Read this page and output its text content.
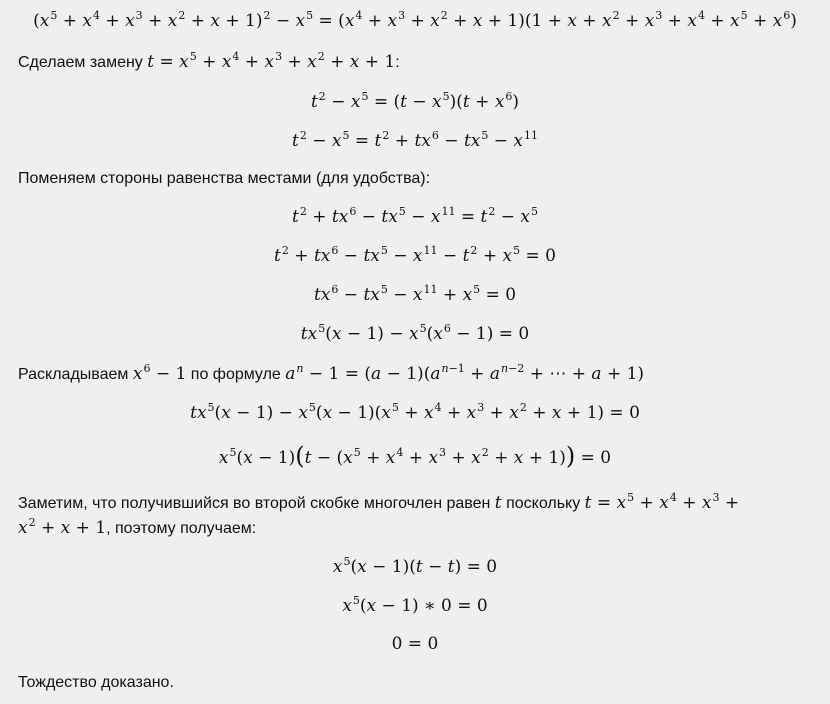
$(x^5 + x^4 + x^3 + x^2 + x + 1)^2 - x^5 = (x^4 + x^3 + x^2 + x + 1)(1 + x + x^2 + x^3 + x^4 + x^5 + x^6)$
Сделаем замену $t = x^5 + x^4 + x^3 + x^2 + x + 1$:
$t^2 - x^5 = (t - x^5)(t + x^6)$
$t^2 - x^5 = t^2 + tx^6 - tx^5 - x^{11}$
Поменяем стороны равенства местами (для удобства):
$t^2 + tx^6 - tx^5 - x^{11} = t^2 - x^5$
$t^2 + tx^6 - tx^5 - x^{11} - t^2 + x^5 = 0$
$tx^6 - tx^5 - x^{11} + x^5 = 0$
$tx^5(x - 1) - x^5(x^6 - 1) = 0$
Раскладываем $x^6 - 1$ по формуле $a^n - 1 = (a - 1)(a^{n-1} + a^{n-2}$ + ⋯ + a + 1)
$tx^5(x - 1) - x^5(x - 1)(x^5 + x^4 + x^3 + x^2 + x + 1) = 0$
$x^5(x - 1)(t - (x^5 + x^4 + x^3 + x^2 + x + 1)) = 0$
Заметим, что получившийся во второй скобке многочлен равен t поскольку $t = x^5 + x^4 + x^3$ +
$x^2 + x + 1$, поэтому получаем:
$x^5(x - 1)(t - t) = 0$
$x^5(x - 1)$ ∗ 0 = 0
0 = 0
Тождество доказано.
